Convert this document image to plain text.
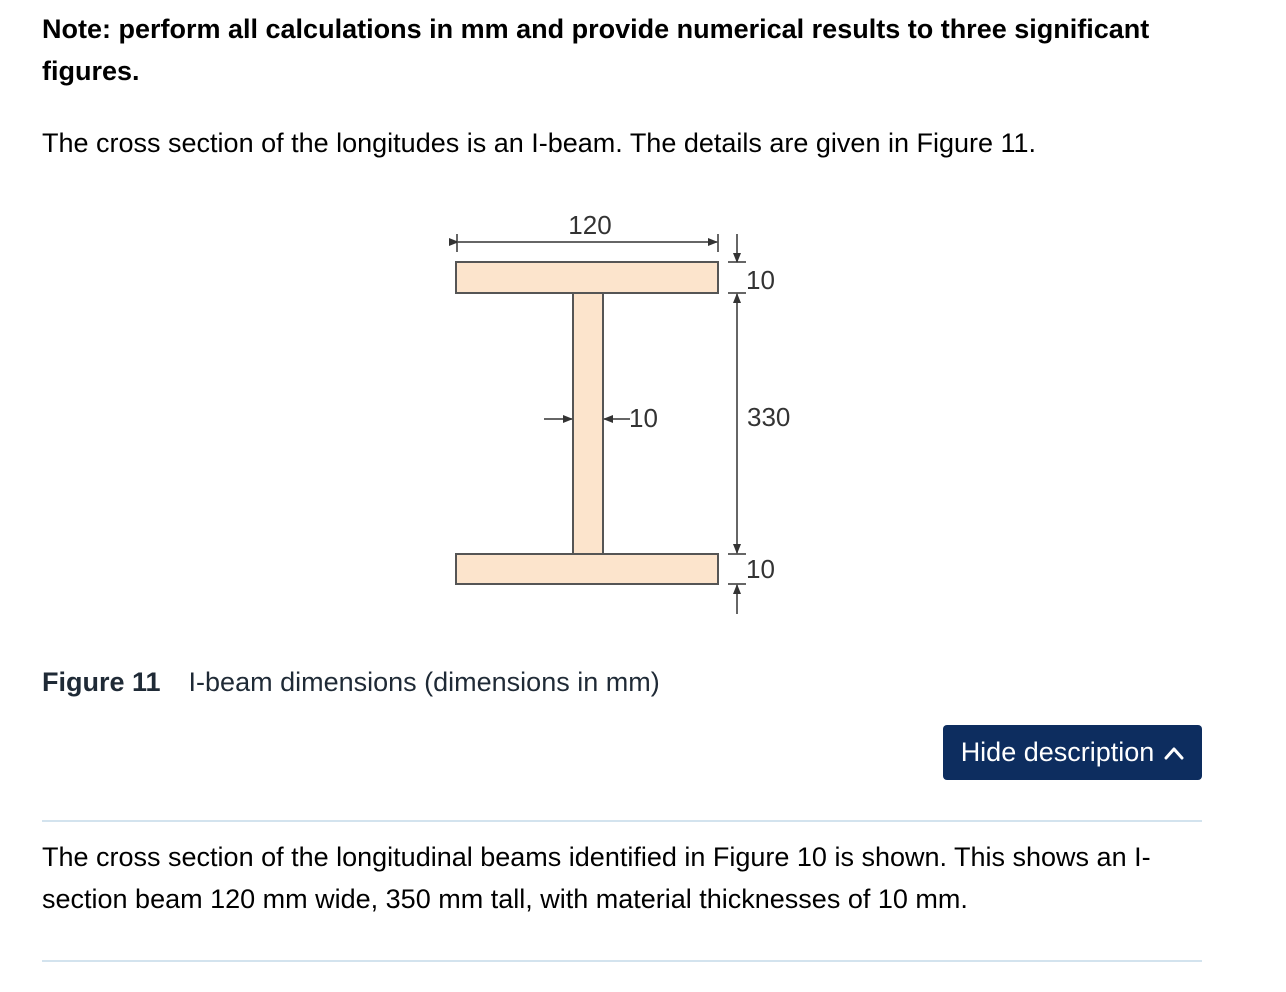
Note: perform all calculations in mm and provide numerical results to three significant figures.

The cross section of the longitudes is an I-beam. The details are given in Figure 11.

120
10
330
10
10

Figure 11 I-beam dimensions (dimensions in mm)

Hide description

The cross section of the longitudinal beams identified in Figure 10 is shown. This shows an I-section beam 120 mm wide, 350 mm tall, with material thicknesses of 10 mm.
